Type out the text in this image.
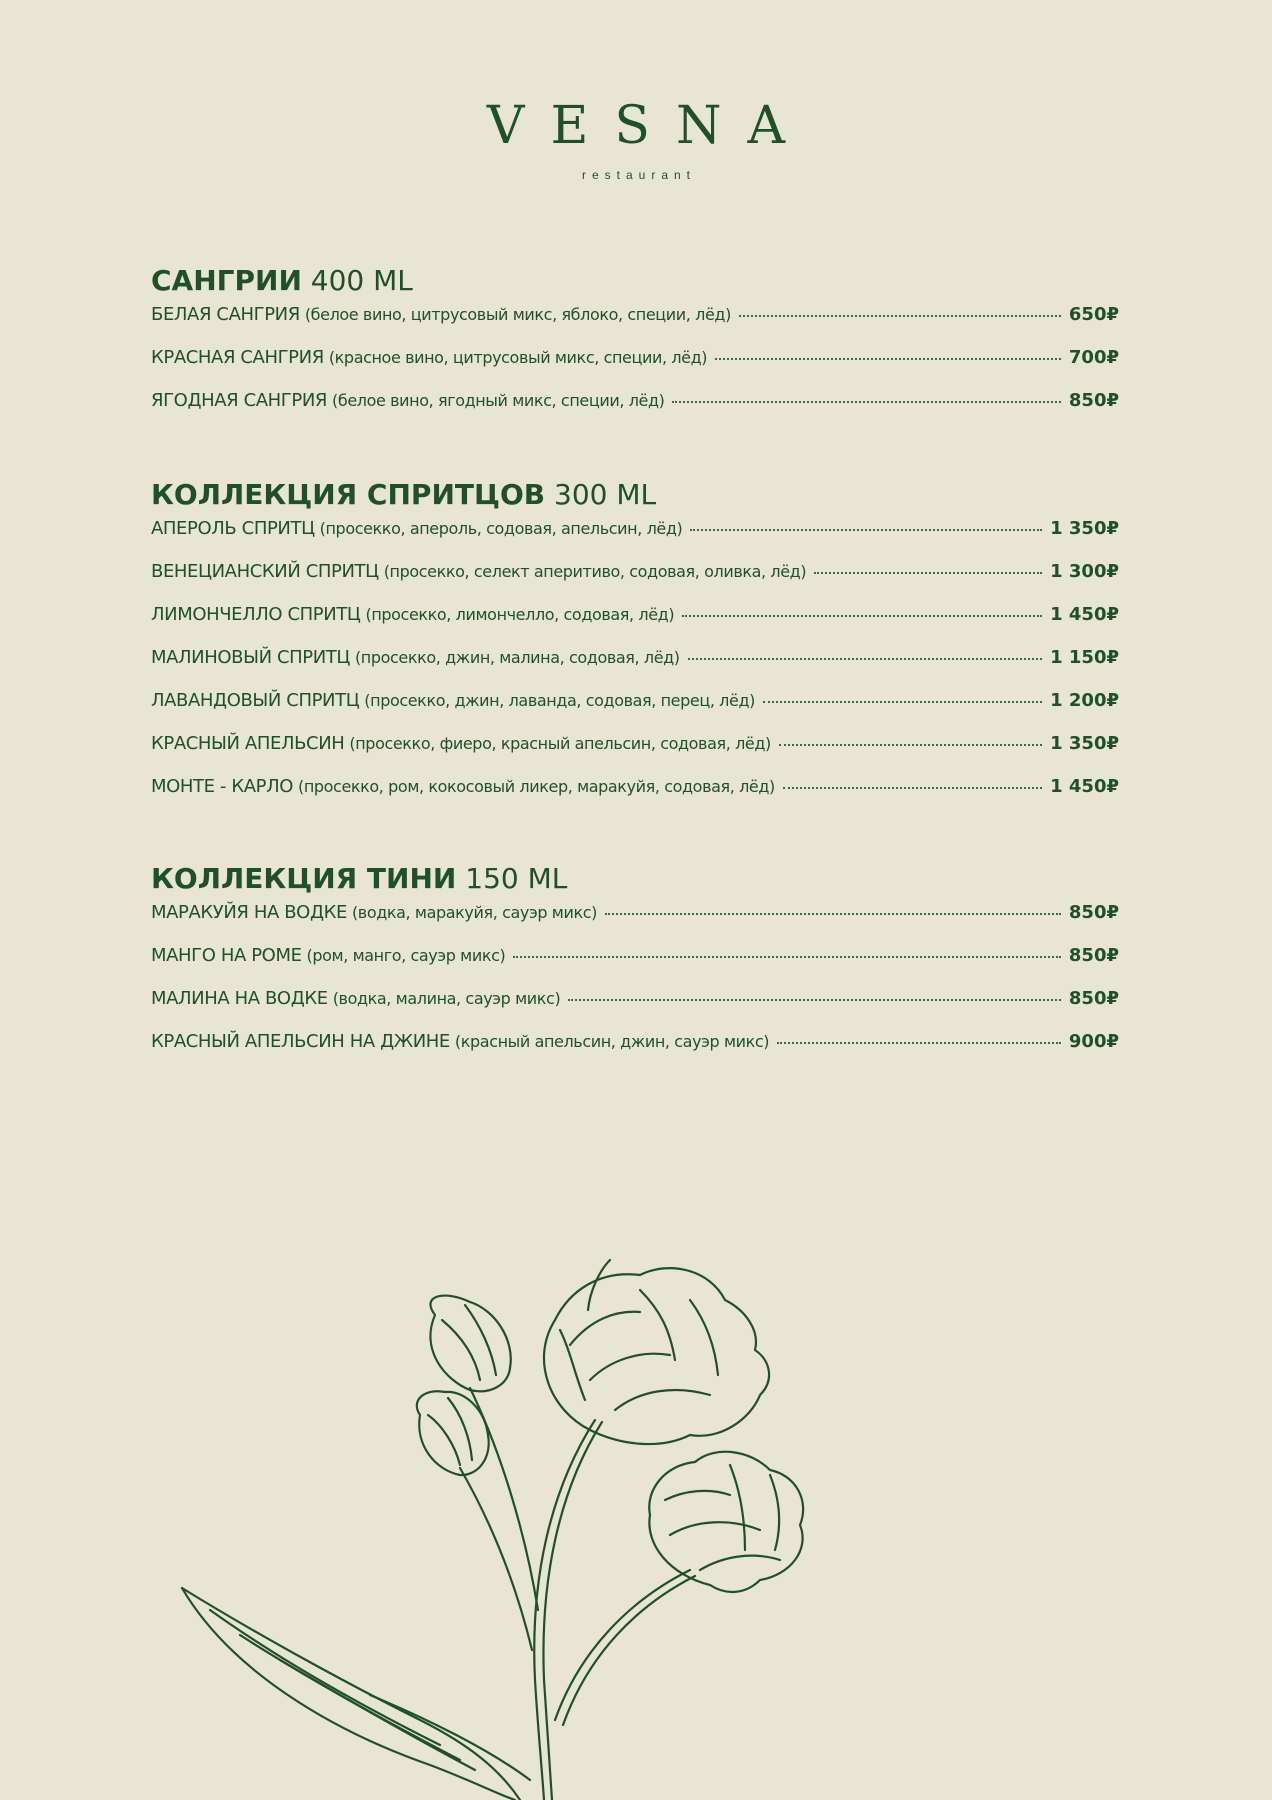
VESNA
restaurant
САНГРИИ 400 ML
БЕЛАЯ САНГРИЯ (белое вино, цитрусовый микс, яблоко, специи, лёд)	650₽
КРАСНАЯ САНГРИЯ (красное вино, цитрусовый микс, специи, лёд)	700₽
ЯГОДНАЯ САНГРИЯ (белое вино, ягодный микс, специи, лёд)	850₽
КОЛЛЕКЦИЯ СПРИТЦОВ 300 ML
АПЕРОЛЬ СПРИТЦ (просекко, апероль, содовая, апельсин, лёд)	1 350₽
ВЕНЕЦИАНСКИЙ СПРИТЦ (просекко, селект аперитиво, содовая, оливка, лёд)	1 300₽
ЛИМОНЧЕЛЛО СПРИТЦ (просекко, лимончелло, содовая, лёд)	1 450₽
МАЛИНОВЫЙ СПРИТЦ (просекко, джин, малина, содовая, лёд)	1 150₽
ЛАВАНДОВЫЙ СПРИТЦ (просекко, джин, лаванда, содовая, перец, лёд)	1 200₽
КРАСНЫЙ АПЕЛЬСИН (просекко, фиеро, красный апельсин, содовая, лёд)	1 350₽
МОНТЕ - КАРЛО (просекко, ром, кокосовый ликер, маракуйя, содовая, лёд)	1 450₽
КОЛЛЕКЦИЯ ТИНИ 150 ML
МАРАКУЙЯ НА ВОДКЕ (водка, маракуйя, сауэр микс)	850₽
МАНГО НА РОМЕ (ром, манго, сауэр микс)	850₽
МАЛИНА НА ВОДКЕ (водка, малина, сауэр микс)	850₽
КРАСНЫЙ АПЕЛЬСИН НА ДЖИНЕ (красный апельсин, джин, сауэр микс)	900₽
